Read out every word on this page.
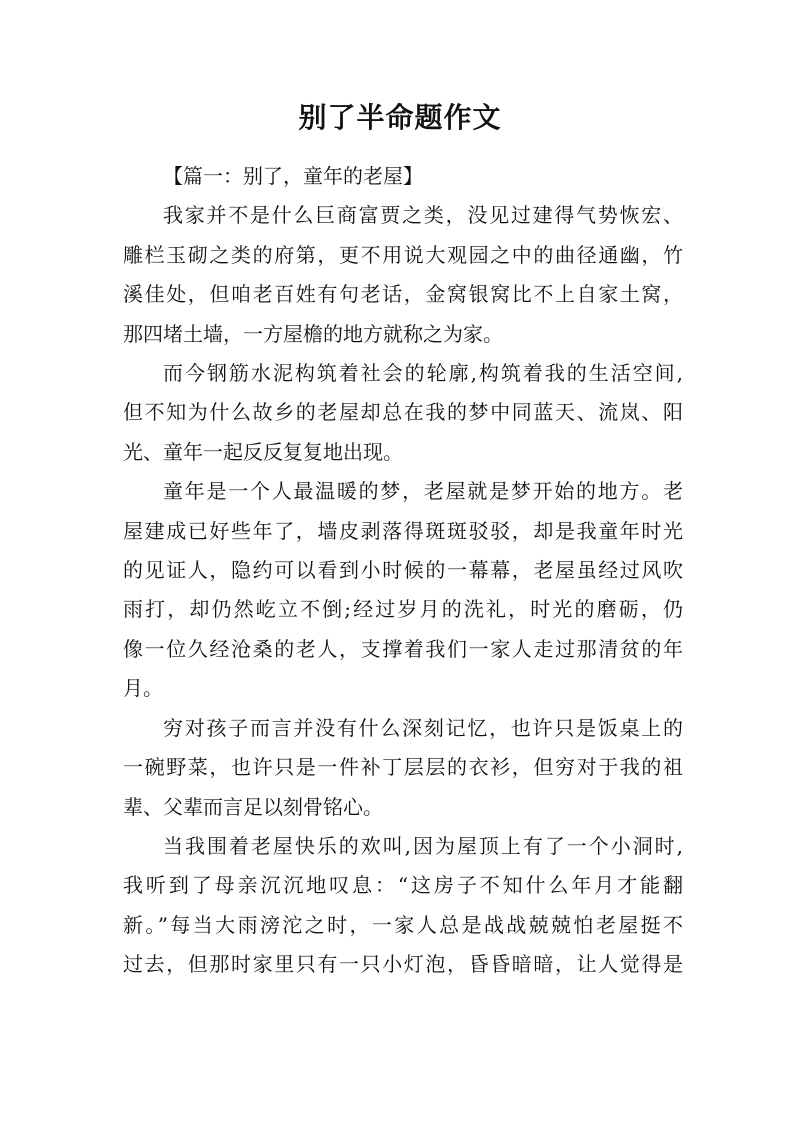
别了半命题作文

【篇一：别了，童年的老屋】

我家并不是什么巨商富贾之类，没见过建得气势恢宏、
雕栏玉砌之类的府第，更不用说大观园之中的曲径通幽，竹
溪佳处，但咱老百姓有句老话，金窝银窝比不上自家土窝，
那四堵土墙，一方屋檐的地方就称之为家。
而今钢筋水泥构筑着社会的轮廓,构筑着我的生活空间,
但不知为什么故乡的老屋却总在我的梦中同蓝天、流岚、阳
光、童年一起反反复复地出现。
童年是一个人最温暖的梦，老屋就是梦开始的地方。老
屋建成已好些年了，墙皮剥落得斑斑驳驳，却是我童年时光
的见证人，隐约可以看到小时候的一幕幕，老屋虽经过风吹
雨打，却仍然屹立不倒;经过岁月的洗礼，时光的磨砺，仍
像一位久经沧桑的老人，支撑着我们一家人走过那清贫的年
月。
穷对孩子而言并没有什么深刻记忆，也许只是饭桌上的
一碗野菜，也许只是一件补丁层层的衣衫，但穷对于我的祖
辈、父辈而言足以刻骨铭心。
当我围着老屋快乐的欢叫,因为屋顶上有了一个小洞时,
我听到了母亲沉沉地叹息：“这房子不知什么年月才能翻
新。”每当大雨滂沱之时，一家人总是战战兢兢怕老屋挺不
过去，但那时家里只有一只小灯泡，昏昏暗暗，让人觉得是
